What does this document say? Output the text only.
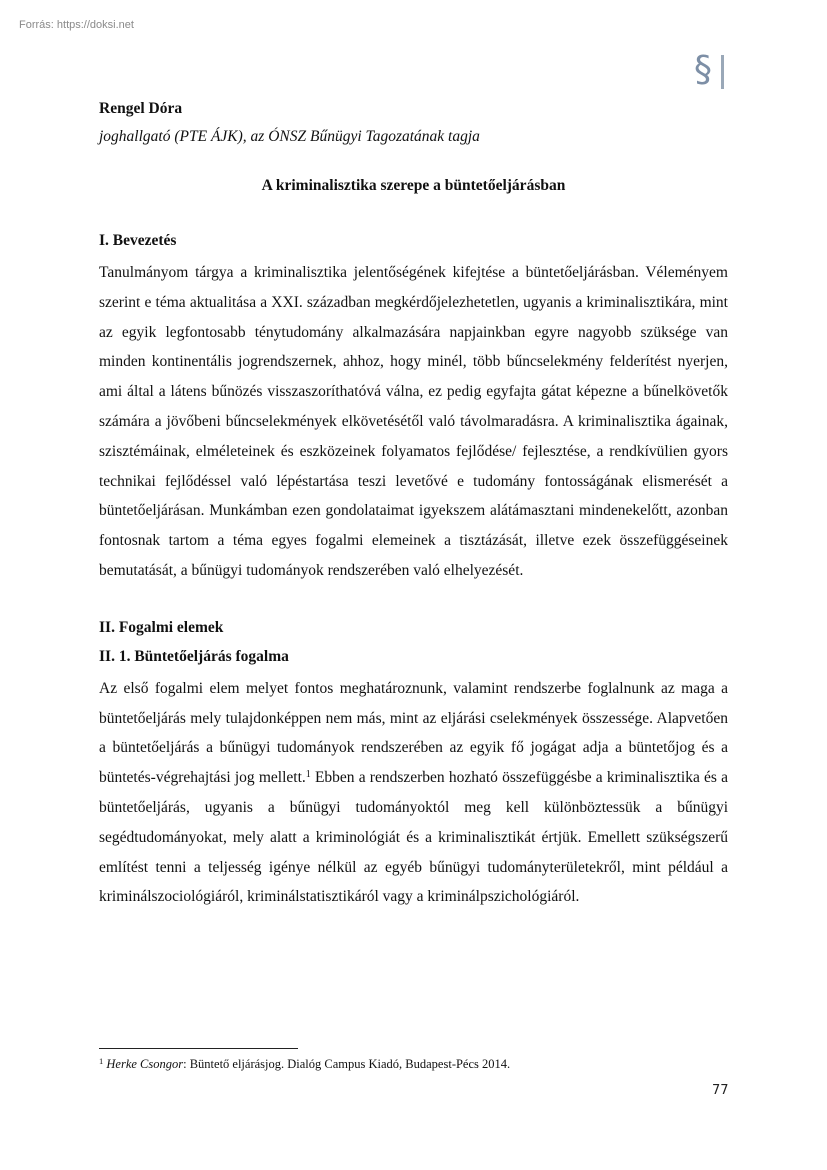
Forrás: https://doksi.net
§

Rengel Dóra

joghallgató (PTE ÁJK), az ÓNSZ Bűnügyi Tagozatának tagja

A kriminalisztika szerepe a büntetőeljárásban

I. Bevezetés

Tanulmányom tárgya a kriminalisztika jelentőségének kifejtése a büntetőeljárásban. Véleményem szerint e téma aktualitása a XXI. században megkérdőjelezhetetlen, ugyanis a kriminalisztikára, mint az egyik legfontosabb ténytudomány alkalmazására napjainkban egyre nagyobb szüksége van minden kontinentális jogrendszernek, ahhoz, hogy minél, több bűncselekmény felderítést nyerjen, ami által a látens bűnözés visszaszoríthatóvá válna, ez pedig egyfajta gátat képezne a bűnelkövetők számára a jövőbeni bűncselekmények elkövetésétől való távolmaradásra. A kriminalisztika ágainak, szisztémáinak, elméleteinek és eszközeinek folyamatos fejlődése/ fejlesztése, a rendkívülien gyors technikai fejlődéssel való lépéstartása teszi levetővé e tudomány fontosságának elismerését a büntetőeljárásan. Munkámban ezen gondolataimat igyekszem alátámasztani mindenekelőtt, azonban fontosnak tartom a téma egyes fogalmi elemeinek a tisztázását, illetve ezek összefüggéseinek bemutatását, a bűnügyi tudományok rendszerében való elhelyezését.

II. Fogalmi elemek
II. 1. Büntetőeljárás fogalma

Az első fogalmi elem melyet fontos meghatároznunk, valamint rendszerbe foglalnunk az maga a büntetőeljárás mely tulajdonképpen nem más, mint az eljárási cselekmények összessége. Alapvetően a büntetőeljárás a bűnügyi tudományok rendszerében az egyik fő jogágat adja a büntetőjog és a büntetés-végrehajtási jog mellett.$^1$ Ebben a rendszerben hozható összefüggésbe a kriminalisztika és a büntetőeljárás, ugyanis a bűnügyi tudományoktól meg kell különböztessük a bűnügyi segédtudományokat, mely alatt a kriminológiát és a kriminalisztikát értjük. Emellett szükségszerű említést tenni a teljesség igénye nélkül az egyéb bűnügyi tudományterületekről, mint például a kriminálszociológiáról, kriminálstatisztikáról vagy a kriminálpszichológiáról.

$^1$ Herke Csongor: Büntető eljárásjog. Dialóg Campus Kiadó, Budapest-Pécs 2014.
77
